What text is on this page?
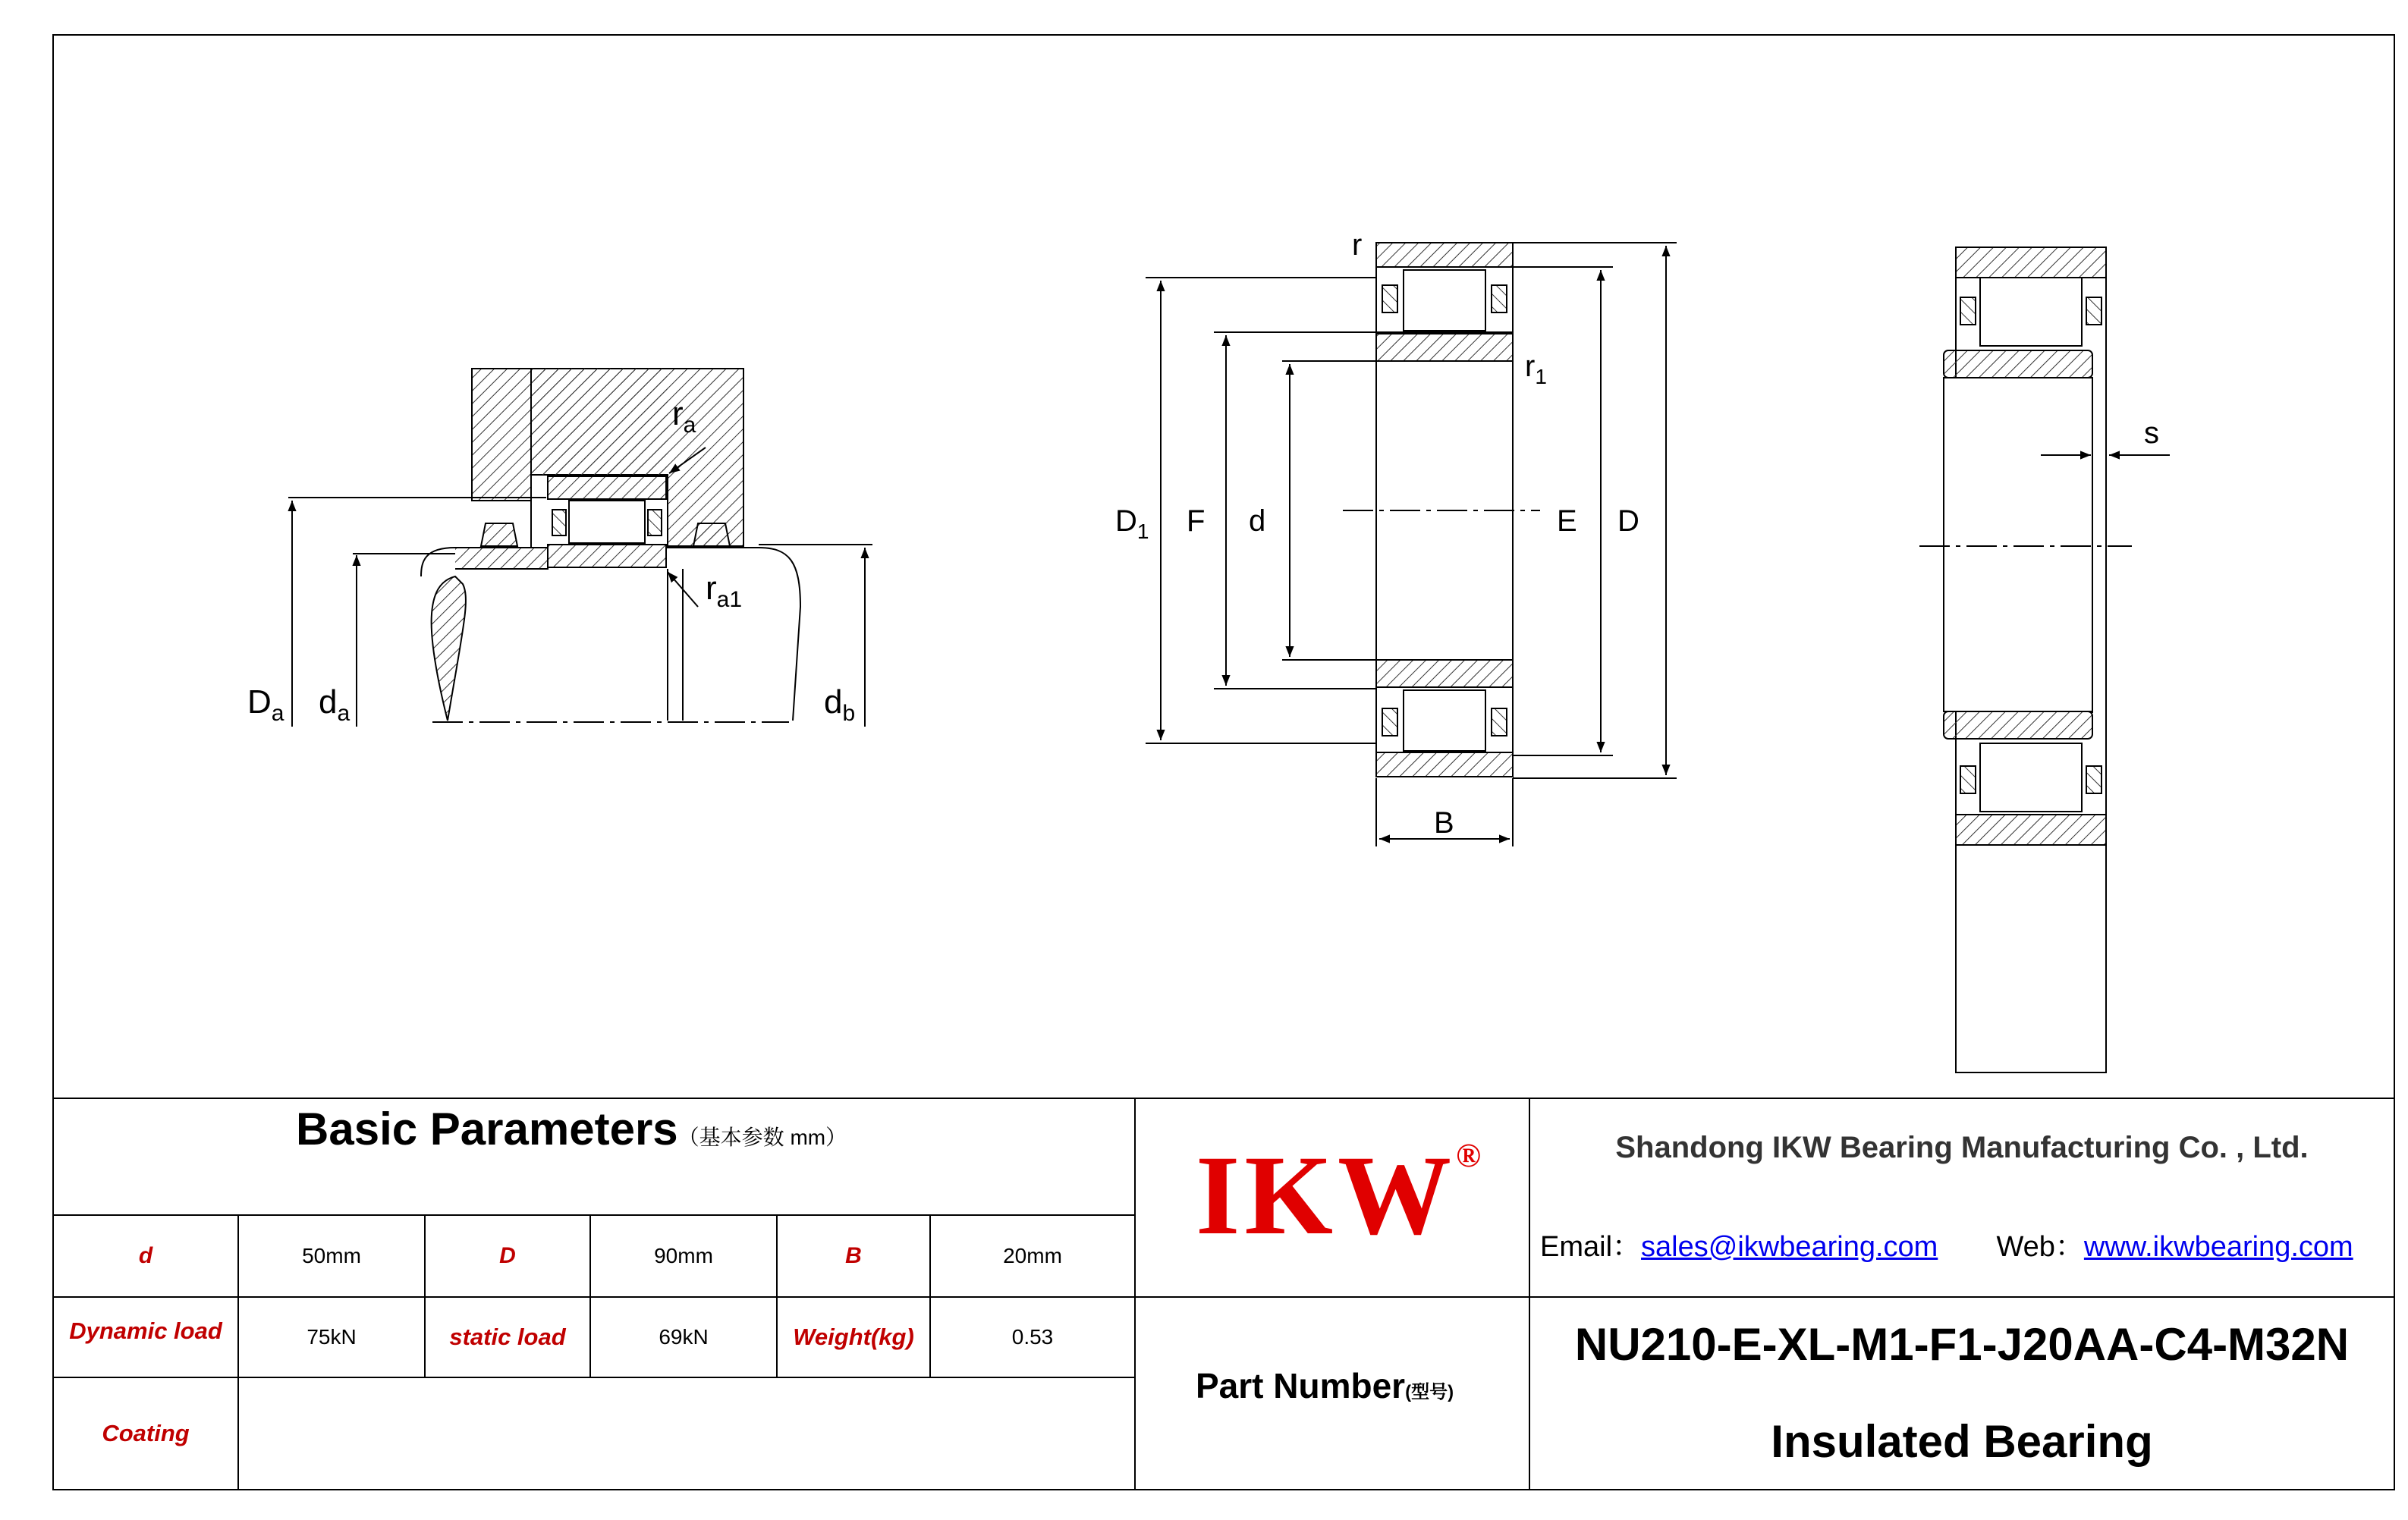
$D_a$ $d_a$	$d_b$
$r_a$
$r_{a1}$
r
$r_1$
$D_1$ F d	E D
B
s
Basic Parameters（基本参数 mm）
d	50mm	D	90mm	B	20mm
Dynamic load	75kN	static load	69kN	Weight(kg)	0.53
Coating
IKW®
Part Number(型号)
Shandong IKW Bearing Manufacturing Co. , Ltd.
Email：sales@ikwbearing.com Web：www.ikwbearing.com
NU210-E-XL-M1-F1-J20AA-C4-M32N
Insulated Bearing
